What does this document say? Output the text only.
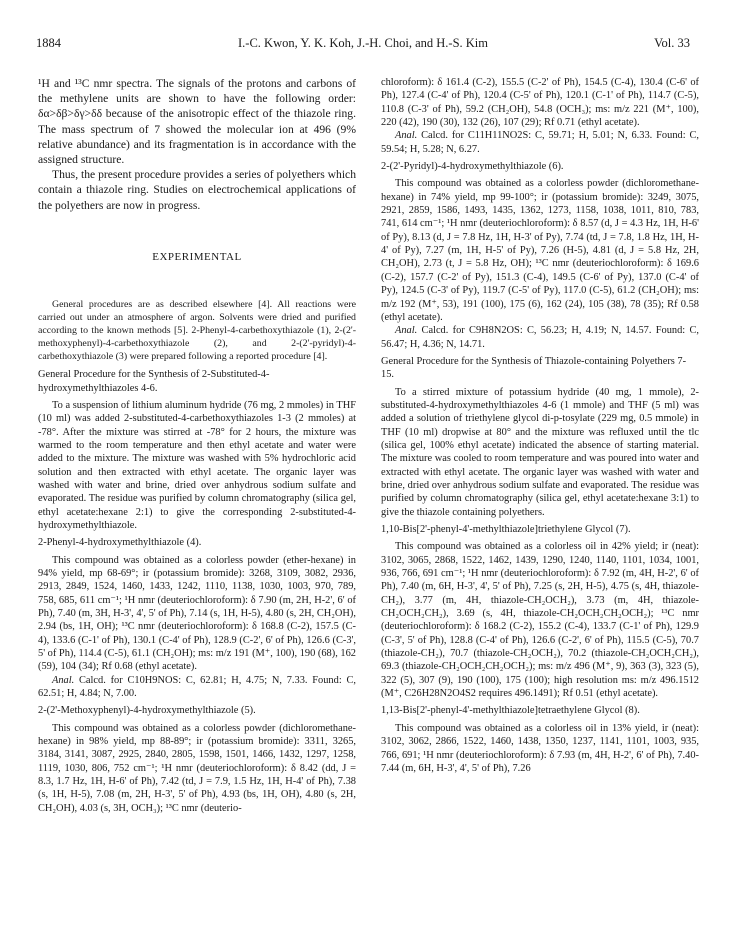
1884	I.-C. Kwon, Y. K. Koh, J.-H. Choi, and H.-S. Kim	Vol. 33

¹H and ¹³C nmr spectra. The signals of the protons and carbons of the methylene units are shown to have the following order: δα>δβ>δγ>δδ because of the anisotropic effect of the thiazole ring. The mass spectrum of 7 showed the molecular ion at 496 (9% relative abundance) and its fragmentation is in accordance with the assigned structure.

Thus, the present procedure provides a series of polyethers which contain a thiazole ring. Studies on electrochemical applications of the polyethers are now in progress.

EXPERIMENTAL

General procedures are as described elsewhere [4]. All reactions were carried out under an atmosphere of argon. Solvents were dried and purified according to the known methods [5]. 2-Phenyl-4-carbethoxythiazole (1), 2-(2'-methoxyphenyl)-4-carbethoxythiazole (2), and 2-(2'-pyridyl)-4-carbethoxythiazole (3) were prepared following a reported procedure [4].

General Procedure for the Synthesis of 2-Substituted-4-hydroxymethylthiazoles 4-6.

To a suspension of lithium aluminum hydride (76 mg, 2 mmoles) in THF (10 ml) was added 2-substituted-4-carbethoxythiazoles 1-3 (2 mmoles) at -78°. After the mixture was stirred at -78° for 2 hours, the mixture was warmed to the room temperature and then ethyl acetate and water were added to the mixture. The mixture was washed with 5% hydrochloric acid solution and then extracted with ethyl acetate. The organic layer was washed with water and brine, dried over anhydrous sodium sulfate and evaporated. The residue was purified by column chromatography (silica gel, ethyl acetate:hexane 2:1) to give the corresponding 2-substituted-4-hydroxymethylthiazole.

2-Phenyl-4-hydroxymethylthiazole (4).

This compound was obtained as a colorless powder (ether-hexane) in 94% yield, mp 68-69°; ir (potassium bromide): 3268, 3109, 3082, 2936, 2913, 2849, 1524, 1460, 1433, 1242, 1110, 1138, 1030, 1003, 970, 789, 758, 685, 611 cm⁻¹; ¹H nmr (deuteriochloroform): δ 7.90 (m, 2H, H-2', 6' of Ph), 7.40 (m, 3H, H-3', 4', 5' of Ph), 7.14 (s, 1H, H-5), 4.80 (s, 2H, CH₂OH), 2.94 (bs, 1H, OH); ¹³C nmr (deuteriochloroform): δ 168.8 (C-2), 157.5 (C-4), 133.6 (C-1' of Ph), 130.1 (C-4' of Ph), 128.9 (C-2', 6' of Ph), 126.6 (C-3', 5' of Ph), 114.4 (C-5), 61.1 (CH₂OH); ms: m/z 191 (M⁺, 100), 190 (68), 162 (59), 104 (34); Rf 0.68 (ethyl acetate).

Anal. Calcd. for C10H9NOS: C, 62.81; H, 4.75; N, 7.33. Found: C, 62.51; H, 4.84; N, 7.00.

2-(2'-Methoxyphenyl)-4-hydroxymethylthiazole (5).

This compound was obtained as a colorless powder (dichloromethane-hexane) in 98% yield, mp 88-89°; ir (potassium bromide): 3311, 3265, 3184, 3141, 3087, 2925, 2840, 2805, 1598, 1501, 1466, 1432, 1297, 1258, 1119, 1030, 806, 752 cm⁻¹; ¹H nmr (deuteriochloroform): δ 8.42 (dd, J = 8.3, 1.7 Hz, 1H, H-6' of Ph), 7.42 (td, J = 7.9, 1.5 Hz, 1H, H-4' of Ph), 7.38 (s, 1H, H-5), 7.08 (m, 2H, H-3', 5' of Ph), 4.93 (bs, 1H, OH), 4.80 (s, 2H, CH₂OH), 4.03 (s, 3H, OCH₃); ¹³C nmr (deuterio-

chloroform): δ 161.4 (C-2), 155.5 (C-2' of Ph), 154.5 (C-4), 130.4 (C-6' of Ph), 127.4 (C-4' of Ph), 120.4 (C-5' of Ph), 120.1 (C-1' of Ph), 114.7 (C-5), 110.8 (C-3' of Ph), 59.2 (CH₂OH), 54.8 (OCH₃); ms: m/z 221 (M⁺, 100), 220 (42), 190 (30), 132 (26), 107 (29); Rf 0.71 (ethyl acetate).

Anal. Calcd. for C11H11NO2S: C, 59.71; H, 5.01; N, 6.33. Found: C, 59.54; H, 5.28; N, 6.27.

2-(2'-Pyridyl)-4-hydroxymethylthiazole (6).

This compound was obtained as a colorless powder (dichloromethane-hexane) in 74% yield, mp 99-100°; ir (potassium bromide): 3249, 3075, 2921, 2859, 1586, 1493, 1435, 1362, 1273, 1158, 1038, 1011, 810, 783, 741, 614 cm⁻¹; ¹H nmr (deuteriochloroform): δ 8.57 (d, J = 4.3 Hz, 1H, H-6' of Py), 8.13 (d, J = 7.8 Hz, 1H, H-3' of Py), 7.74 (td, J = 7.8, 1.8 Hz, 1H, H-4' of Py), 7.27 (m, 1H, H-5' of Py), 7.26 (H-5), 4.81 (d, J = 5.8 Hz, 2H, CH₂OH), 2.73 (t, J = 5.8 Hz, OH); ¹³C nmr (deuteriochloroform): δ 169.6 (C-2), 157.7 (C-2' of Py), 151.3 (C-4), 149.5 (C-6' of Py), 137.0 (C-4' of Py), 124.5 (C-3' of Py), 119.7 (C-5' of Py), 117.0 (C-5), 61.2 (CH₂OH); ms: m/z 192 (M⁺, 53), 191 (100), 175 (6), 162 (24), 105 (38), 78 (35); Rf 0.58 (ethyl acetate).

Anal. Calcd. for C9H8N2OS: C, 56.23; H, 4.19; N, 14.57. Found: C, 56.47; H, 4.36; N, 14.71.

General Procedure for the Synthesis of Thiazole-containing Polyethers 7-15.

To a stirred mixture of potassium hydride (40 mg, 1 mmole), 2-substituted-4-hydroxymethylthiazoles 4-6 (1 mmole) and THF (5 ml) was added a solution of triethylene glycol di-p-tosylate (229 mg, 0.5 mmole) in THF (10 ml) dropwise at 80° and the mixture was refluxed until the tlc (silica gel, 100% ethyl acetate) indicated the absence of starting material. The mixture was cooled to room temperature and was poured into water and extracted with ethyl acetate. The organic layer was washed with water and brine, dried over anhydrous sodium sulfate and evaporated. The residue was purified by column chromatography (silica gel, ethyl acetate:hexane 3:1) to give the thiazole containing polyethers.

1,10-Bis[2'-phenyl-4'-methylthiazole]triethylene Glycol (7).

This compound was obtained as a colorless oil in 42% yield; ir (neat): 3102, 3065, 2868, 1522, 1462, 1439, 1290, 1240, 1140, 1101, 1034, 1001, 936, 766, 691 cm⁻¹; ¹H nmr (deuteriochloroform): δ 7.92 (m, 4H, H-2', 6' of Ph), 7.40 (m, 6H, H-3', 4', 5' of Ph), 7.25 (s, 2H, H-5), 4.75 (s, 4H, thiazole-CH₂), 3.77 (m, 4H, thiazole-CH₂OCH₂), 3.73 (m, 4H, thiazole-CH₂OCH₂CH₂), 3.69 (s, 4H, thiazole-CH₂OCH₂CH₂OCH₂); ¹³C nmr (deuteriochloroform): δ 168.2 (C-2), 155.2 (C-4), 133.7 (C-1' of Ph), 129.9 (C-3', 5' of Ph), 128.8 (C-4' of Ph), 126.6 (C-2', 6' of Ph), 115.5 (C-5), 70.7 (thiazole-CH₂), 70.7 (thiazole-CH₂OCH₂), 70.2 (thiazole-CH₂OCH₂CH₂), 69.3 (thiazole-CH₂OCH₂CH₂OCH₂); ms: m/z 496 (M⁺, 9), 363 (3), 323 (5), 322 (5), 307 (9), 190 (100), 175 (100); high resolution ms: m/z 496.1512 (M⁺, C26H28N2O4S2 requires 496.1491); Rf 0.51 (ethyl acetate).

1,13-Bis[2'-phenyl-4'-methylthiazole]tetraethylene Glycol (8).

This compound was obtained as a colorless oil in 13% yield, ir (neat): 3102, 3062, 2866, 1522, 1460, 1438, 1350, 1237, 1141, 1101, 1003, 935, 766, 691; ¹H nmr (deuteriochloroform): δ 7.93 (m, 4H, H-2', 6' of Ph), 7.40-7.44 (m, 6H, H-3', 4', 5' of Ph), 7.26
